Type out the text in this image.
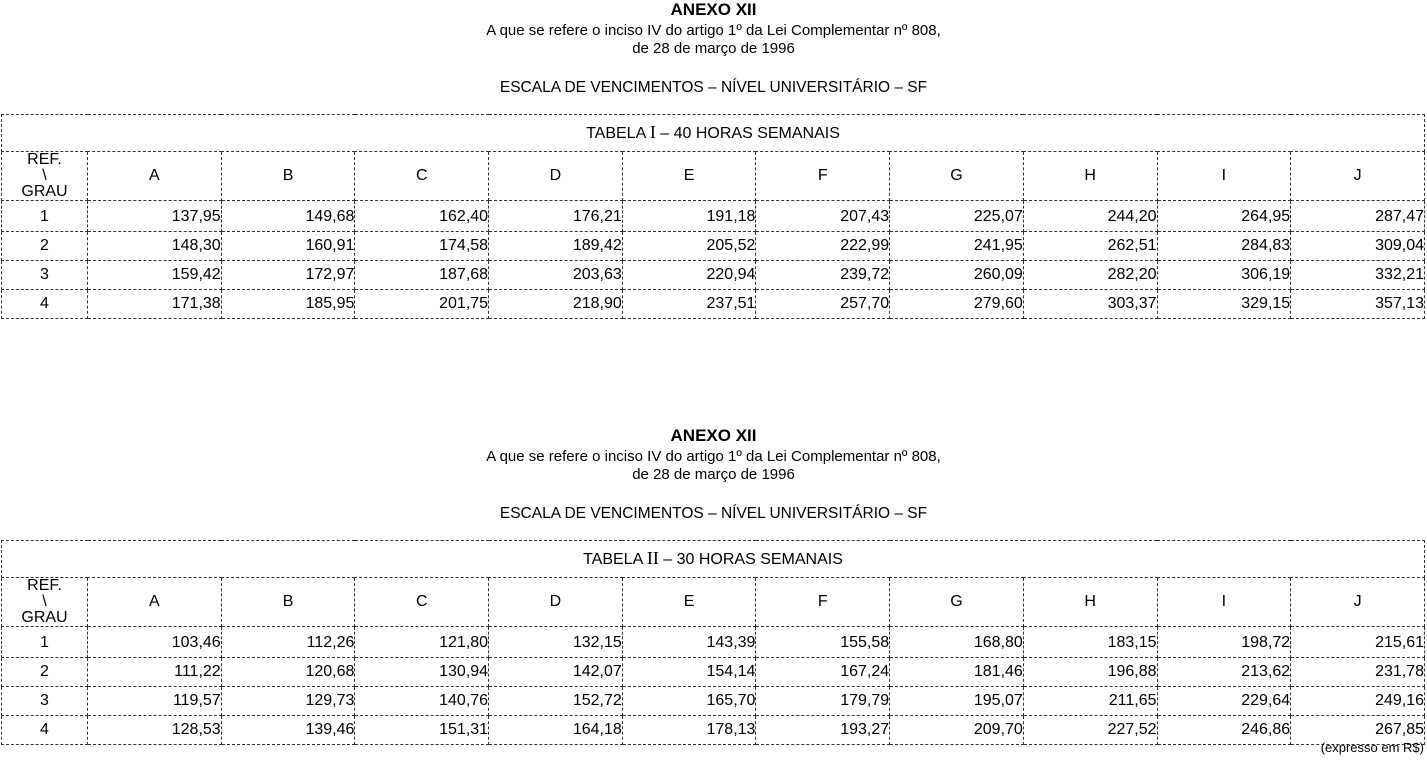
ANEXO XII
A que se refere o inciso IV do artigo 1º da Lei Complementar nº 808,
de 28 de março de 1996
ESCALA DE VENCIMENTOS – NÍVEL UNIVERSITÁRIO – SF
TABELA I – 40 HORAS SEMANAIS										

REF.
\
GRAU	A	B	C	D	E	F	G	H	I	J
1	137,95	149,68	162,40	176,21	191,18	207,43	225,07	244,20	264,95	287,47
2	148,30	160,91	174,58	189,42	205,52	222,99	241,95	262,51	284,83	309,04
3	159,42	172,97	187,68	203,63	220,94	239,72	260,09	282,20	306,19	332,21
4	171,38	185,95	201,75	218,90	237,51	257,70	279,60	303,37	329,15	357,13
ANEXO XII
A que se refere o inciso IV do artigo 1º da Lei Complementar nº 808,
de 28 de março de 1996
ESCALA DE VENCIMENTOS – NÍVEL UNIVERSITÁRIO – SF
TABELA II – 30 HORAS SEMANAIS										

REF.
\
GRAU	A	B	C	D	E	F	G	H	I	J
1	103,46	112,26	121,80	132,15	143,39	155,58	168,80	183,15	198,72	215,61
2	111,22	120,68	130,94	142,07	154,14	167,24	181,46	196,88	213,62	231,78
3	119,57	129,73	140,76	152,72	165,70	179,79	195,07	211,65	229,64	249,16
4	128,53	139,46	151,31	164,18	178,13	193,27	209,70	227,52	246,86	267,85
(expresso em R$)
